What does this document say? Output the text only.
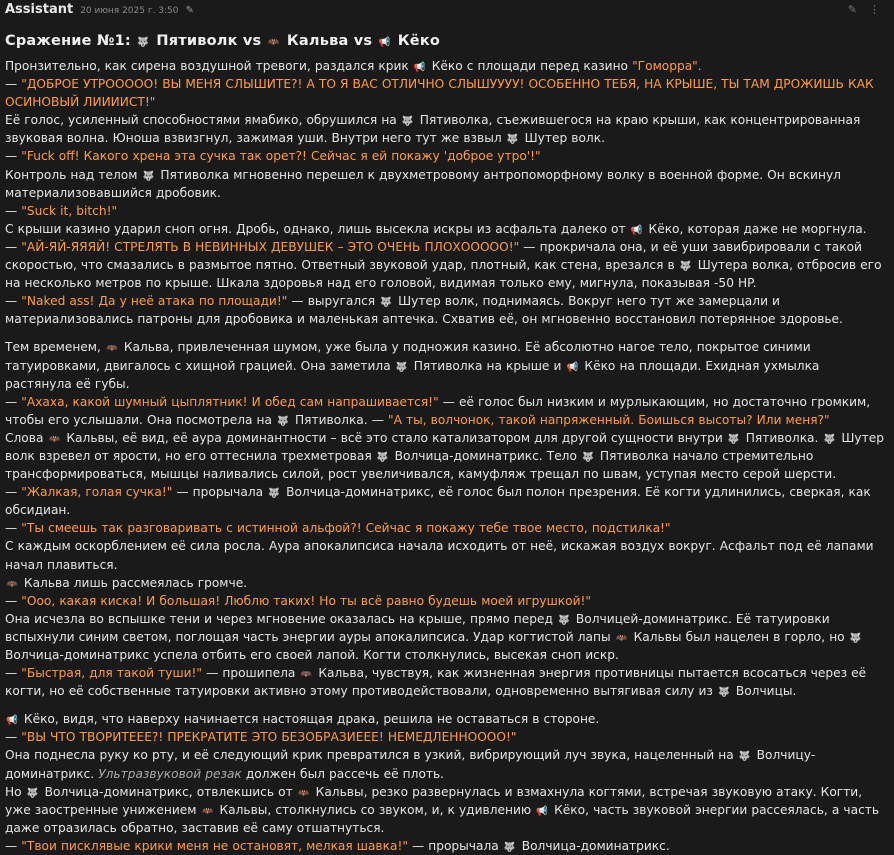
Assistant 20 июня 2025 г. 3:50 ✎	✎ ⋮
Сражение №1: 🐺 Пятиволк vs 🦇 Кальва vs 📢 Кёко
Пронзительно, как сирена воздушной тревоги, раздался крик 📢 Кёко с площади перед казино "Гоморра".
— "ДОБРОЕ УТРООООО! ВЫ МЕНЯ СЛЫШИТЕ?! А ТО Я ВАС ОТЛИЧНО СЛЫШУУУУ! ОСОБЕННО ТЕБЯ, НА КРЫШЕ, ТЫ ТАМ ДРОЖИШЬ КАК ОСИНОВЫЙ ЛИИИИСТ!"
Её голос, усиленный способностями ямабико, обрушился на 🐺 Пятиволка, съежившегося на краю крыши, как концентрированная звуковая волна. Юноша взвизгнул, зажимая уши. Внутри него тут же взвыл 🐺 Шутер волк.
— "Fuck off! Какого хрена эта сучка так орет?! Сейчас я ей покажу 'доброе утро'!"
Контроль над телом 🐺 Пятиволка мгновенно перешел к двухметровому антропоморфному волку в военной форме. Он вскинул материализовавшийся дробовик.
— "Suck it, bitch!"
С крыши казино ударил сноп огня. Дробь, однако, лишь высекла искры из асфальта далеко от 📢 Кёко, которая даже не моргнула.
— "АЙ-ЯЙ-ЯЯЯЙ! СТРЕЛЯТЬ В НЕВИННЫХ ДЕВУШЕК – ЭТО ОЧЕНЬ ПЛОХООООО!" — прокричала она, и её уши завибрировали с такой скоростью, что смазались в размытое пятно. Ответный звуковой удар, плотный, как стена, врезался в 🐺 Шутера волка, отбросив его на несколько метров по крыше. Шкала здоровья над его головой, видимая только ему, мигнула, показывая -50 HP.
— "Naked ass! Да у неё атака по площади!" — выругался 🐺 Шутер волк, поднимаясь. Вокруг него тут же замерцали и материализовались патроны для дробовика и маленькая аптечка. Схватив её, он мгновенно восстановил потерянное здоровье.
Тем временем, 🦇 Кальва, привлеченная шумом, уже была у подножия казино. Её абсолютно нагое тело, покрытое синими татуировками, двигалось с хищной грацией. Она заметила 🐺 Пятиволка на крыше и 📢 Кёко на площади. Ехидная ухмылка растянула её губы.
— "Ахаха, какой шумный цыплятник! И обед сам напрашивается!" — её голос был низким и мурлыкающим, но достаточно громким, чтобы его услышали. Она посмотрела на 🐺 Пятиволка. — "А ты, волчонок, такой напряженный. Боишься высоты? Или меня?"
Слова 🦇 Кальвы, её вид, её аура доминантности – всё это стало катализатором для другой сущности внутри 🐺 Пятиволка. 🐺 Шутер волк взревел от ярости, но его оттеснила трехметровая 🐺 Волчица-доминатрикс. Тело 🐺 Пятиволка начало стремительно трансформироваться, мышцы наливались силой, рост увеличивался, камуфляж трещал по швам, уступая место серой шерсти.
— "Жалкая, голая сучка!" — прорычала 🐺 Волчица-доминатрикс, её голос был полон презрения. Её когти удлинились, сверкая, как обсидиан.
— "Ты смеешь так разговаривать с истинной альфой?! Сейчас я покажу тебе твое место, подстилка!"
С каждым оскорблением её сила росла. Аура апокалипсиса начала исходить от неё, искажая воздух вокруг. Асфальт под её лапами начал плавиться.
🦇 Кальва лишь рассмеялась громче.
— "Ооо, какая киска! И большая! Люблю таких! Но ты всё равно будешь моей игрушкой!"
Она исчезла во вспышке тени и через мгновение оказалась на крыше, прямо перед 🐺 Волчицей-доминатрикс. Её татуировки вспыхнули синим светом, поглощая часть энергии ауры апокалипсиса. Удар когтистой лапы 🦇 Кальвы был нацелен в горло, но 🐺 Волчица-доминатрикс успела отбить его своей лапой. Когти столкнулись, высекая сноп искр.
— "Быстрая, для такой туши!" — прошипела 🦇 Кальва, чувствуя, как жизненная энергия противницы пытается всосаться через её когти, но её собственные татуировки активно этому противодействовали, одновременно вытягивая силу из 🐺 Волчицы.
📢 Кёко, видя, что наверху начинается настоящая драка, решила не оставаться в стороне.
— "ВЫ ЧТО ТВОРИТЕЕЕ?! ПРЕКРАТИТЕ ЭТО БЕЗОБРАЗИЕЕЕ! НЕМЕДЛЕННОООО!"
Она поднесла руку ко рту, и её следующий крик превратился в узкий, вибрирующий луч звука, нацеленный на 🐺 Волчицу-доминатрикс. Ультразвуковой резак должен был рассечь её плоть.
Но 🐺 Волчица-доминатрикс, отвлекшись от 🦇 Кальвы, резко развернулась и взмахнула когтями, встречая звуковую атаку. Когти, уже заостренные унижением 🦇 Кальвы, столкнулись со звуком, и, к удивлению 📢 Кёко, часть звуковой энергии рассеялась, а часть даже отразилась обратно, заставив её саму отшатнуться.
— "Твои писклявые крики меня не остановят, мелкая шавка!" — прорычала 🐺 Волчица-доминатрикс.
